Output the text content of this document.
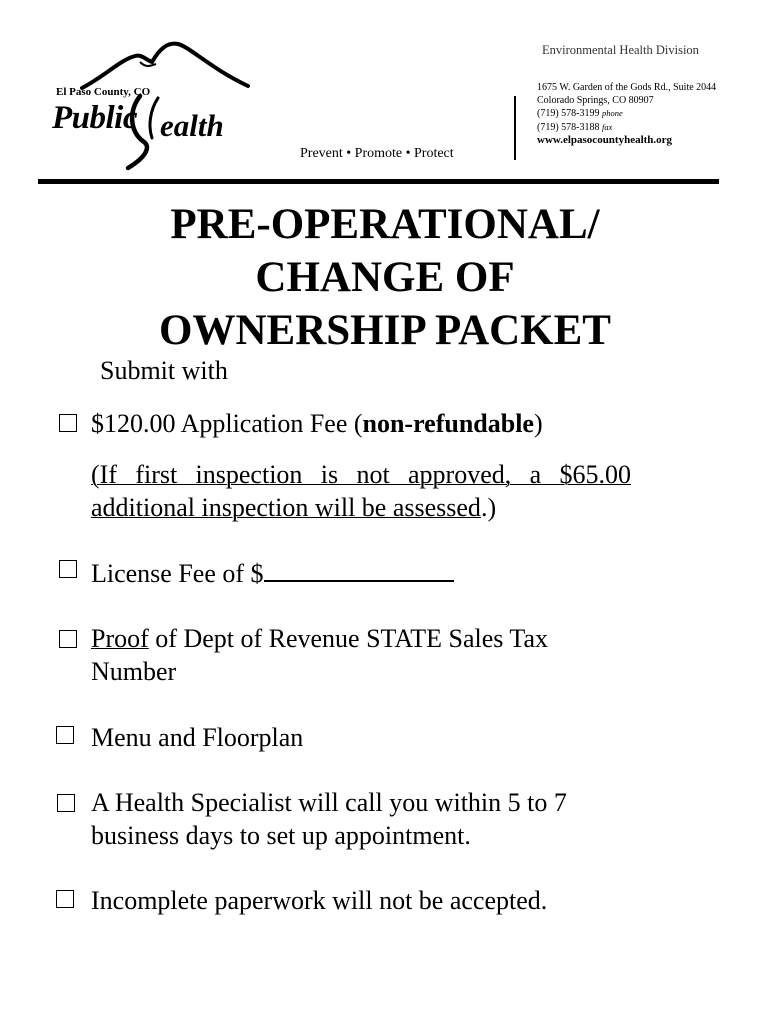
El Paso County, CO
Public ealth
Prevent • Promote • Protect
Environmental Health Division
1675 W. Garden of the Gods Rd., Suite 2044
Colorado Springs, CO 80907
(719) 578-3199 phone
(719) 578-3188 fax
www.elpasocountyhealth.org
PRE-OPERATIONAL/
CHANGE OF
OWNERSHIP PACKET
Submit with
$120.00 Application Fee (non-refundable)
(If first inspection is not approved, a $65.00 additional inspection will be assessed.)
License Fee of $
Proof of Dept of Revenue STATE Sales Tax
Number
Menu and Floorplan
A Health Specialist will call you within 5 to 7
business days to set up appointment.
Incomplete paperwork will not be accepted.
